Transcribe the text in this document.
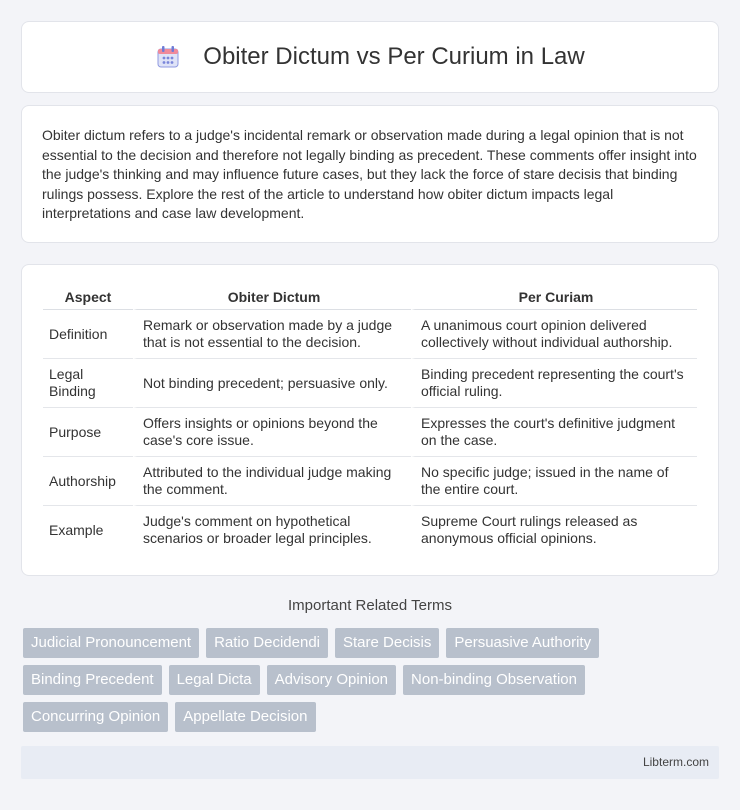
Obiter Dictum vs Per Curium in Law

Obiter dictum refers to a judge's incidental remark or observation made during a legal opinion that is not essential to the decision and therefore not legally binding as precedent. These comments offer insight into the judge's thinking and may influence future cases, but they lack the force of stare decisis that binding rulings possess. Explore the rest of the article to understand how obiter dictum impacts legal interpretations and case law development.

Aspect	Obiter Dictum	Per Curiam
Definition	Remark or observation made by a judge that is not essential to the decision.	A unanimous court opinion delivered collectively without individual authorship.
Legal Binding	Not binding precedent; persuasive only.	Binding precedent representing the court's official ruling.
Purpose	Offers insights or opinions beyond the case's core issue.	Expresses the court's definitive judgment on the case.
Authorship	Attributed to the individual judge making the comment.	No specific judge; issued in the name of the entire court.
Example	Judge's comment on hypothetical scenarios or broader legal principles.	Supreme Court rulings released as anonymous official opinions.
Important Related Terms
Judicial Pronouncement	Ratio Decidendi	Stare Decisis	Persuasive Authority
Binding Precedent	Legal Dicta	Advisory Opinion	Non-binding Observation
Concurring Opinion	Appellate Decision
Libterm.com
